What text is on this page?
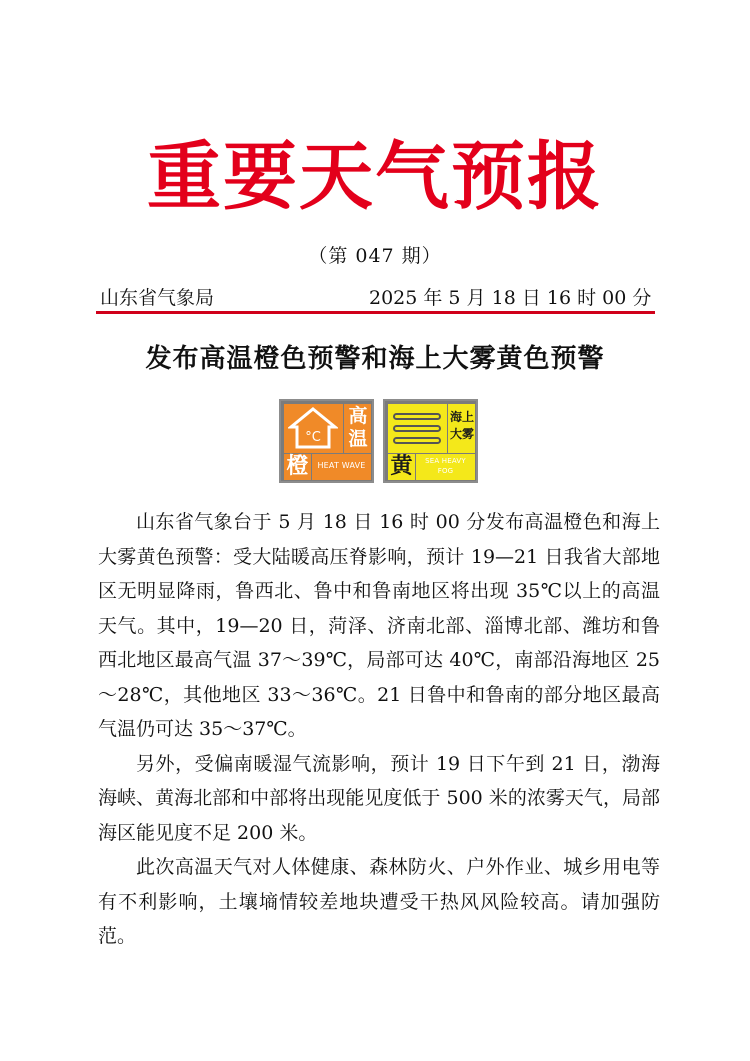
重要天气预报
（第 047 期）
山东省气象局	2025 年 5 月 18 日 16 时 00 分
发布高温橙色预警和海上大雾黄色预警
°C
高
温
橙	HEAT WAVE
海上
大雾
黄	SEA HEAVY
FOG

山东省气象台于 5 月 18 日 16 时 00 分发布高温橙色和海上大雾黄色预警：受大陆暖高压脊影响，预计 19—21 日我省大部地区无明显降雨，鲁西北、鲁中和鲁南地区将出现 35℃以上的高温天气。其中，19—20 日，菏泽、济南北部、淄博北部、潍坊和鲁西北地区最高气温 37～39℃，局部可达 40℃，南部沿海地区 25～28℃，其他地区 33～36℃。21 日鲁中和鲁南的部分地区最高气温仍可达 35～37℃。

另外，受偏南暖湿气流影响，预计 19 日下午到 21 日，渤海海峡、黄海北部和中部将出现能见度低于 500 米的浓雾天气，局部海区能见度不足 200 米。

此次高温天气对人体健康、森林防火、户外作业、城乡用电等有不利影响，土壤墒情较差地块遭受干热风风险较高。请加强防范。
